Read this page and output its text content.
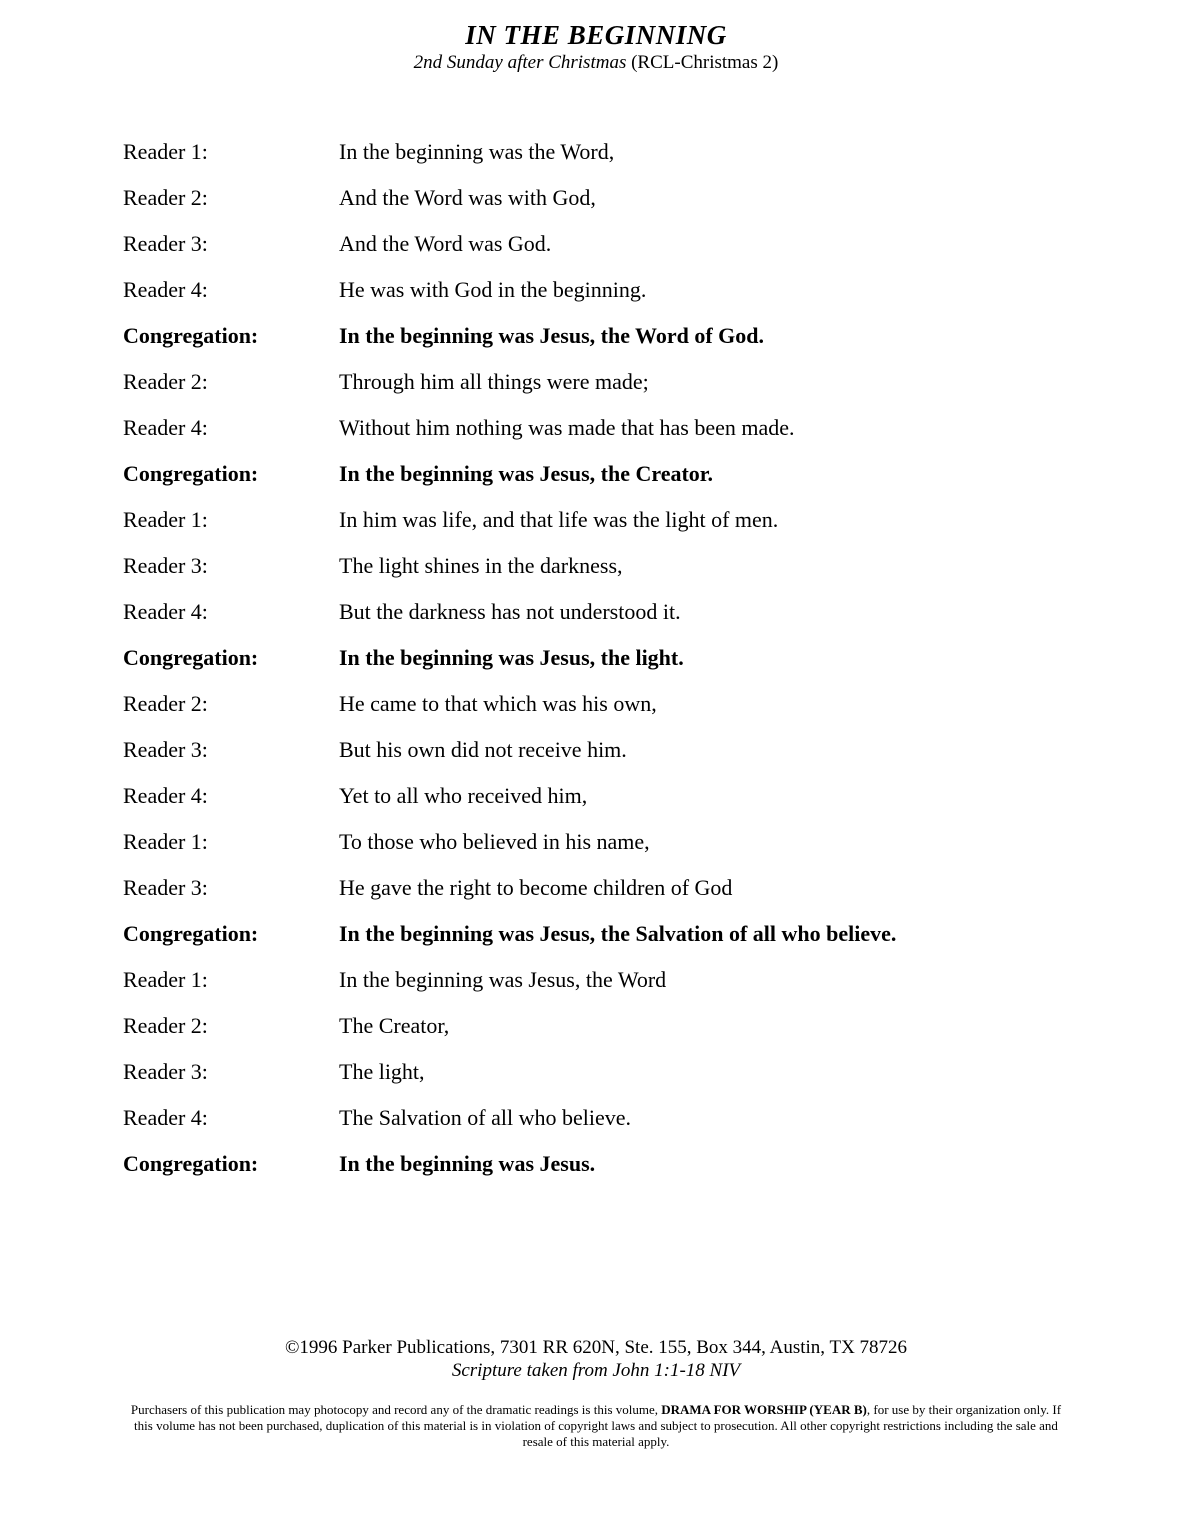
IN THE BEGINNING
2nd Sunday after Christmas (RCL-Christmas 2)
Reader 1:	In the beginning was the Word,
Reader 2:	And the Word was with God,
Reader 3:	And the Word was God.
Reader 4:	He was with God in the beginning.
Congregation:	In the beginning was Jesus, the Word of God.
Reader 2:	Through him all things were made;
Reader 4:	Without him nothing was made that has been made.
Congregation:	In the beginning was Jesus, the Creator.
Reader 1:	In him was life, and that life was the light of men.
Reader 3:	The light shines in the darkness,
Reader 4:	But the darkness has not understood it.
Congregation:	In the beginning was Jesus, the light.
Reader 2:	He came to that which was his own,
Reader 3:	But his own did not receive him.
Reader 4:	Yet to all who received him,
Reader 1:	To those who believed in his name,
Reader 3:	He gave the right to become children of God
Congregation:	In the beginning was Jesus, the Salvation of all who believe.
Reader 1:	In the beginning was Jesus, the Word
Reader 2:	The Creator,
Reader 3:	The light,
Reader 4:	The Salvation of all who believe.
Congregation:	In the beginning was Jesus.
©1996 Parker Publications, 7301 RR 620N, Ste. 155, Box 344, Austin, TX 78726
Scripture taken from John 1:1-18 NIV
Purchasers of this publication may photocopy and record any of the dramatic readings is this volume, DRAMA FOR WORSHIP (YEAR B), for use by their organization only. If this volume has not been purchased, duplication of this material is in violation of copyright laws and subject to prosecution. All other copyright restrictions including the sale and resale of this material apply.
